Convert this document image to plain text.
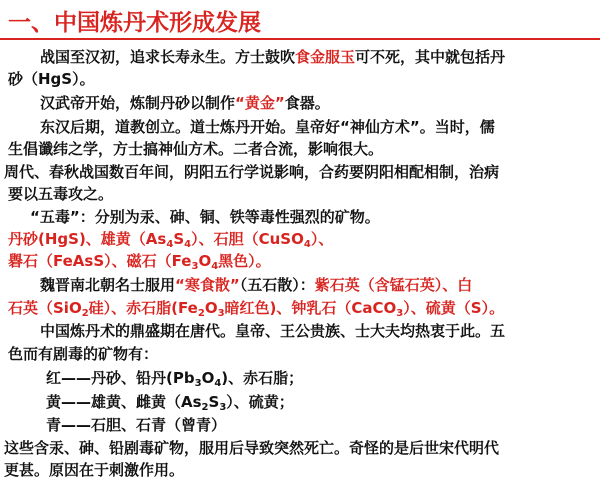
一、中国炼丹术形成发展
战国至汉初，追求长寿永生。方士鼓吹食金服玉可不死，其中就包括丹
砂（HgS）。
汉武帝开始，炼制丹砂以制作“黄金”食器。
东汉后期，道教创立。道士炼丹开始。皇帝好“神仙方术”。当时，儒
生倡谶纬之学，方士搞神仙方术。二者合流，影响很大。
周代、春秋战国数百年间，阴阳五行学说影响，合药要阴阳相配相制，治病
要以五毒攻之。
“五毒”：分别为汞、砷、铜、铁等毒性强烈的矿物。
丹砂(HgS)、雄黄$(As_4S_4)$、石胆（CuSO$_4$）、
礜石（FeAsS）、磁石（$Fe_3O_4$黑色）。
魏晋南北朝名士服用“寒食散”（五石散）：紫石英（含锰石英）、白
石英（SiO$_2$硅）、赤石脂($Fe_2O_3$暗红色)、钟乳石（CaCO$_3$）、硫黄（S）。
中国炼丹术的鼎盛期在唐代。皇帝、王公贵族、士大夫均热衷于此。五
色而有剧毒的矿物有：
红——丹砂、铅丹$(Pb_3O_4)$、赤石脂；
黄——雄黄、雌黄$(As_2S_3)$、硫黄；
青——石胆、石青（曾青）
这些含汞、砷、铅剧毒矿物，服用后导致突然死亡。奇怪的是后世宋代明代
更甚。原因在于刺激作用。
